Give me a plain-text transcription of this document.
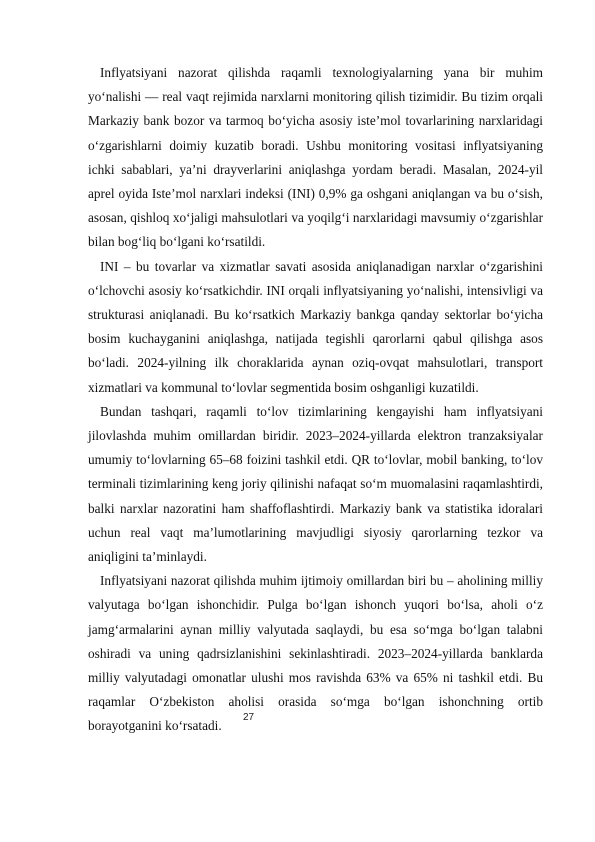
Inflyatsiyani nazorat qilishda raqamli texnologiyalarning yana bir muhim yo‘nalishi — real vaqt rejimida narxlarni monitoring qilish tizimidir. Bu tizim orqali Markaziy bank bozor va tarmoq bo‘yicha asosiy iste’mol tovarlarining narxlaridagi o‘zgarishlarni doimiy kuzatib boradi. Ushbu monitoring vositasi inflyatsiyaning ichki sabablari, ya’ni drayverlarini aniqlashga yordam beradi. Masalan, 2024-yil aprel oyida Iste’mol narxlari indeksi (INI) 0,9% ga oshgani aniqlangan va bu o‘sish, asosan, qishloq xo‘jaligi mahsulotlari va yoqilg‘i narxlaridagi mavsumiy o‘zgarishlar bilan bog‘liq bo‘lgani ko‘rsatildi.

INI – bu tovarlar va xizmatlar savati asosida aniqlanadigan narxlar o‘zgarishini o‘lchovchi asosiy ko‘rsatkichdir. INI orqali inflyatsiyaning yo‘nalishi, intensivligi va strukturasi aniqlanadi. Bu ko‘rsatkich Markaziy bankga qanday sektorlar bo‘yicha bosim kuchayganini aniqlashga, natijada tegishli qarorlarni qabul qilishga asos bo‘ladi. 2024-yilning ilk choraklarida aynan oziq-ovqat mahsulotlari, transport xizmatlari va kommunal to‘lovlar segmentida bosim oshganligi kuzatildi.

Bundan tashqari, raqamli to‘lov tizimlarining kengayishi ham inflyatsiyani jilovlashda muhim omillardan biridir. 2023–2024-yillarda elektron tranzaksiyalar umumiy to‘lovlarning 65–68 foizini tashkil etdi. QR to‘lovlar, mobil banking, to‘lov terminali tizimlarining keng joriy qilinishi nafaqat so‘m muomalasini raqamlashtirdi, balki narxlar nazoratini ham shaffoflashtirdi. Markaziy bank va statistika idoralari uchun real vaqt ma’lumotlarining mavjudligi siyosiy qarorlarning tezkor va aniqligini ta’minlaydi.

Inflyatsiyani nazorat qilishda muhim ijtimoiy omillardan biri bu – aholining milliy valyutaga bo‘lgan ishonchidir. Pulga bo‘lgan ishonch yuqori bo‘lsa, aholi o‘z jamg‘armalarini aynan milliy valyutada saqlaydi, bu esa so‘mga bo‘lgan talabni oshiradi va uning qadrsizlanishini sekinlashtiradi. 2023–2024-yillarda banklarda milliy valyutadagi omonatlar ulushi mos ravishda 63% va 65% ni tashkil etdi. Bu raqamlar O‘zbekiston aholisi orasida so‘mga bo‘lgan ishonchning ortib borayotganini ko‘rsatadi.

27
